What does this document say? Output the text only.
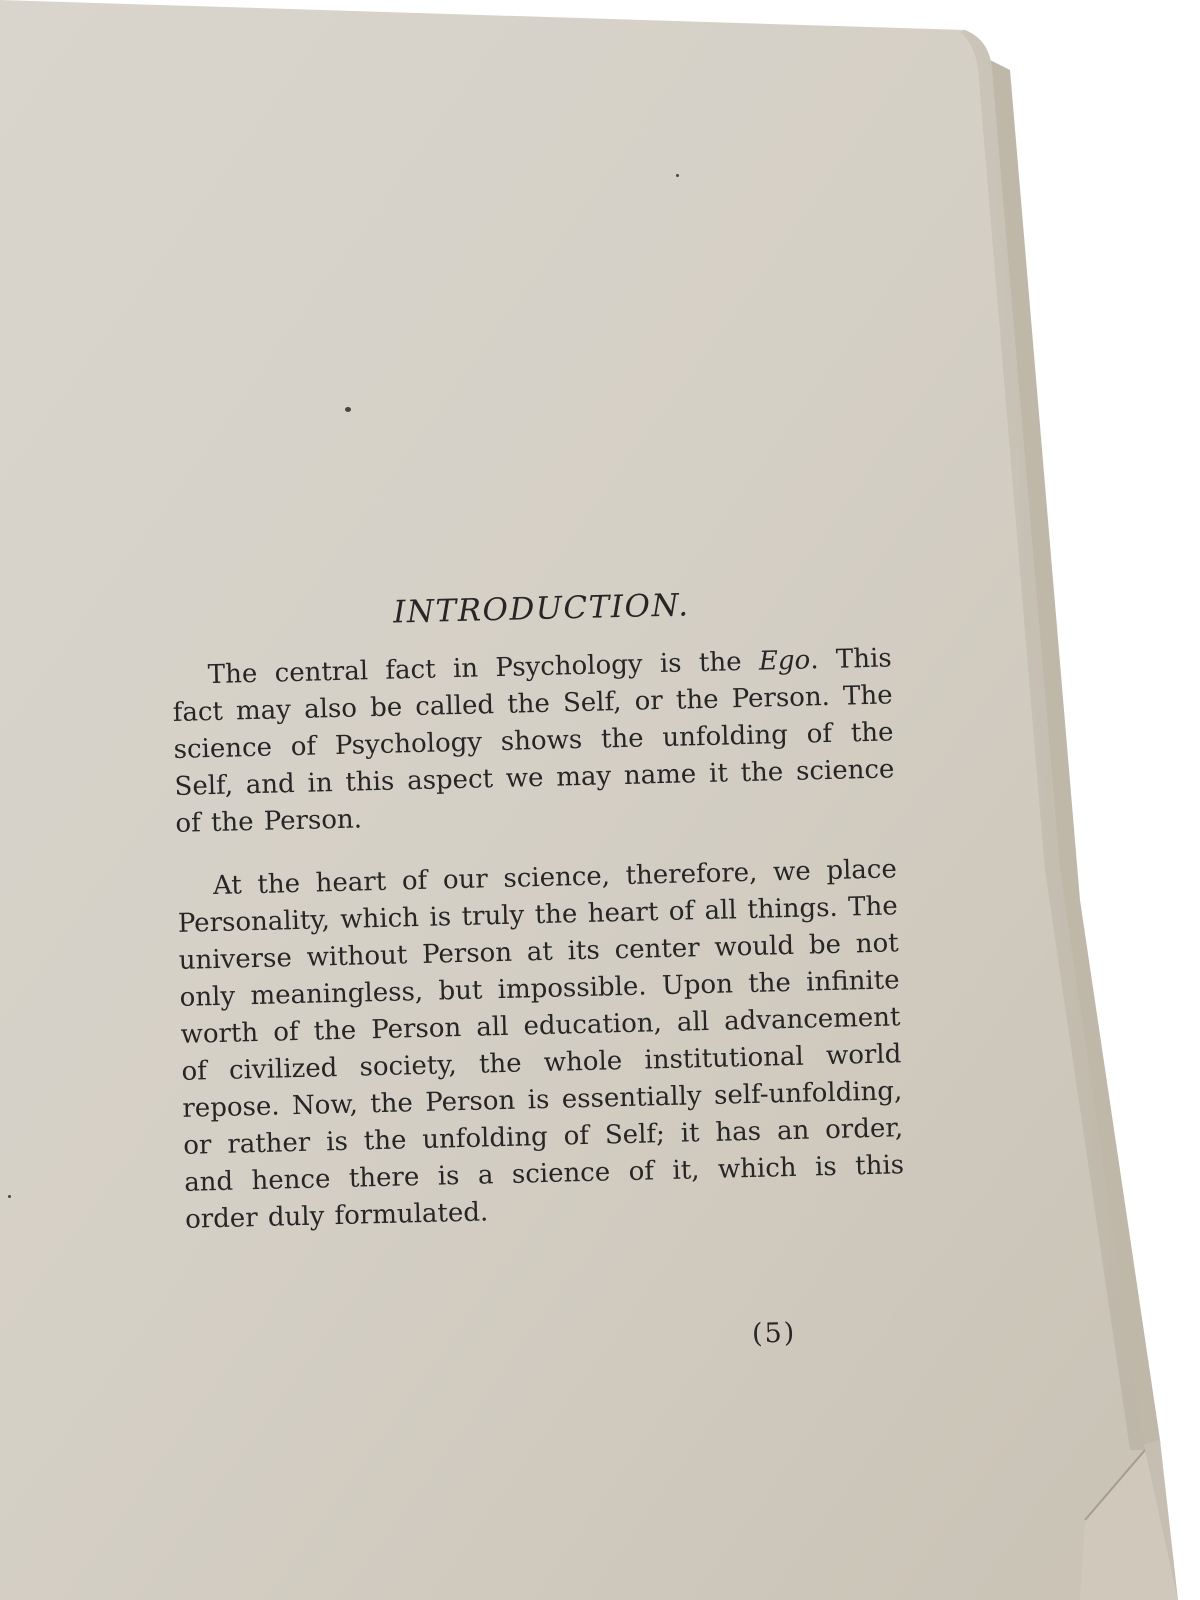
INTRODUCTION.

The central fact in Psychology is the Ego. This fact may also be called the Self, or the Person. The science of Psychology shows the unfolding of the Self, and in this aspect we may name it the science of the Person.

At the heart of our science, therefore, we place Personality, which is truly the heart of all things. The universe without Person at its center would be not only meaningless, but impossible. Upon the infinite worth of the Person all education, all advancement of civilized society, the whole institutional world repose. Now, the Person is essentially self-unfolding, or rather is the unfolding of Self; it has an order, and hence there is a science of it, which is this order duly formulated.

(5)
